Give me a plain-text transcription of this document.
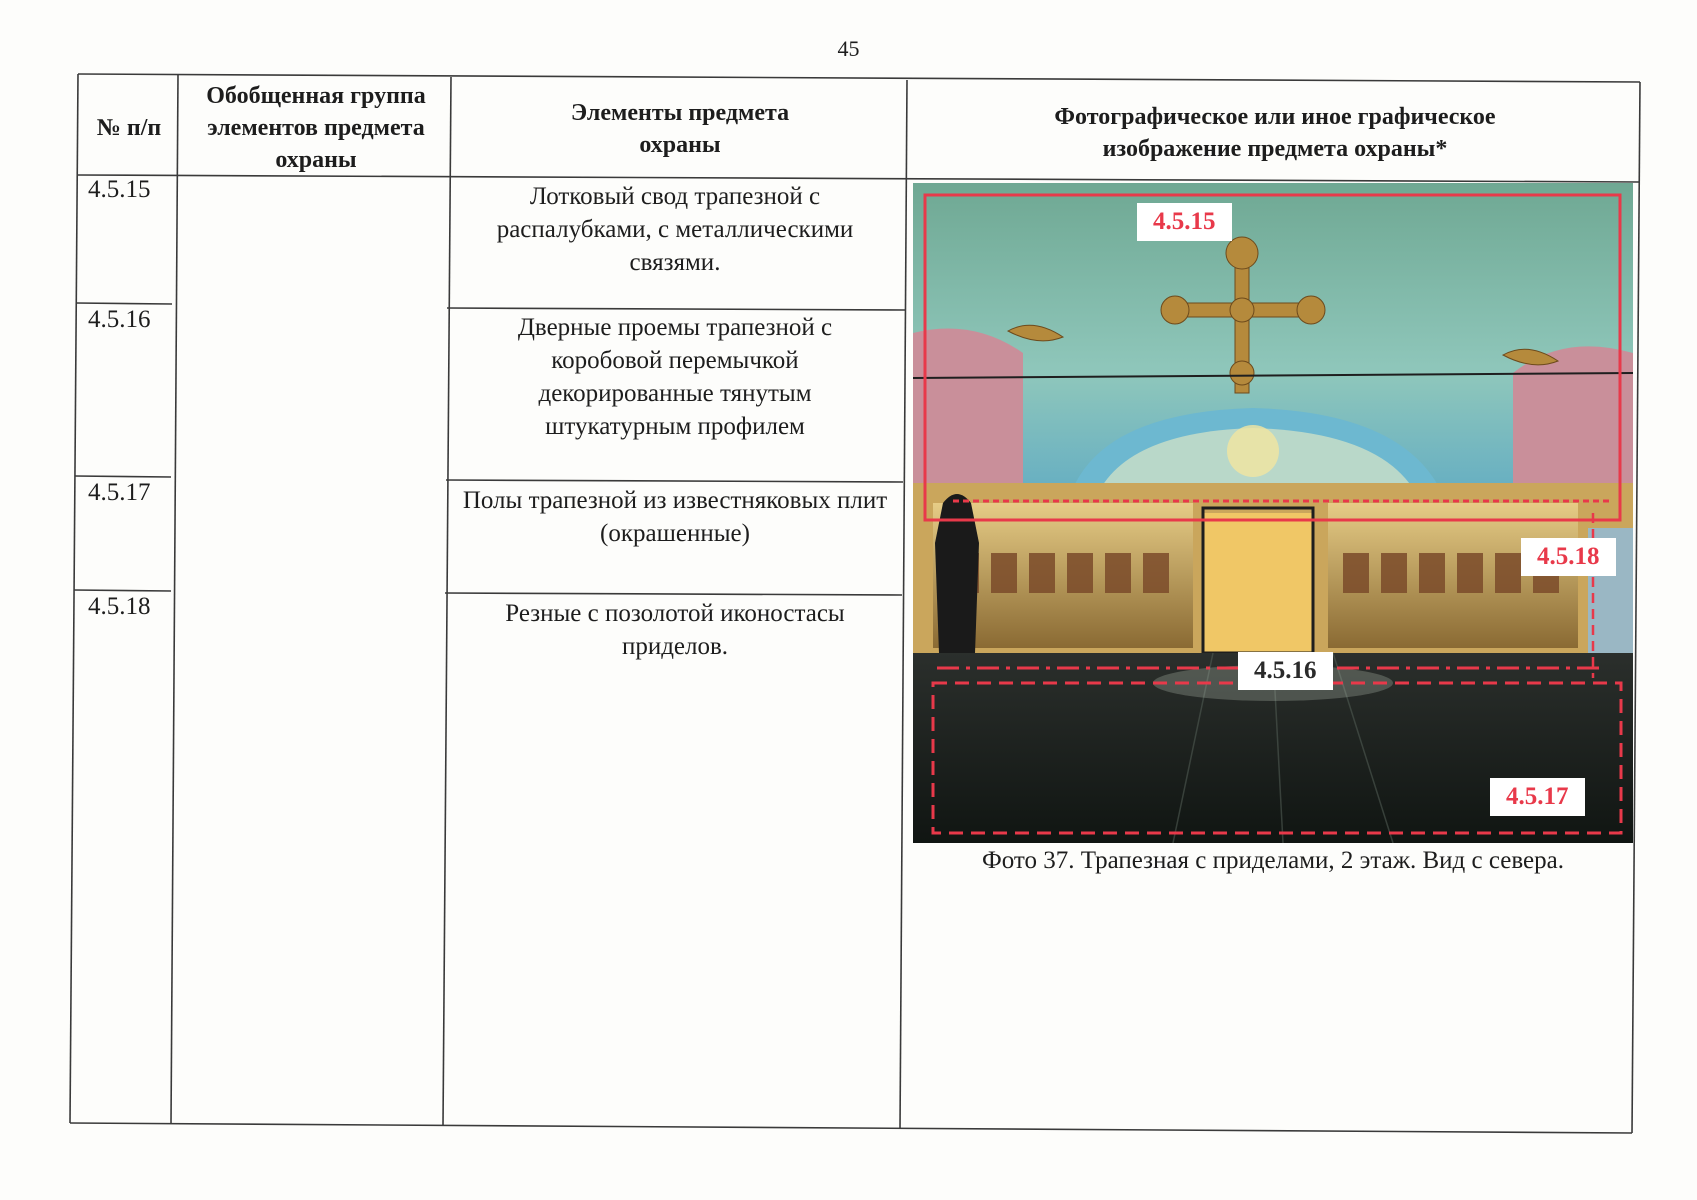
45
№ п/п
Обобщенная группа элементов предмета охраны
Элементы предмета охраны
Фотографическое или иное графическое изображение предмета охраны*
4.5.15
4.5.16
4.5.17
4.5.18
Лотковый свод трапезной с распалубками, с металлическими связями.
Дверные проемы трапезной с коробовой перемычкой декорированные тянутым штукатурным профилем
Полы трапезной из известняковых плит (окрашенные)
Резные с позолотой иконостасы приделов.
4.5.15
4.5.18
4.5.16
4.5.17
Фото 37. Трапезная с приделами, 2 этаж. Вид с севера.
